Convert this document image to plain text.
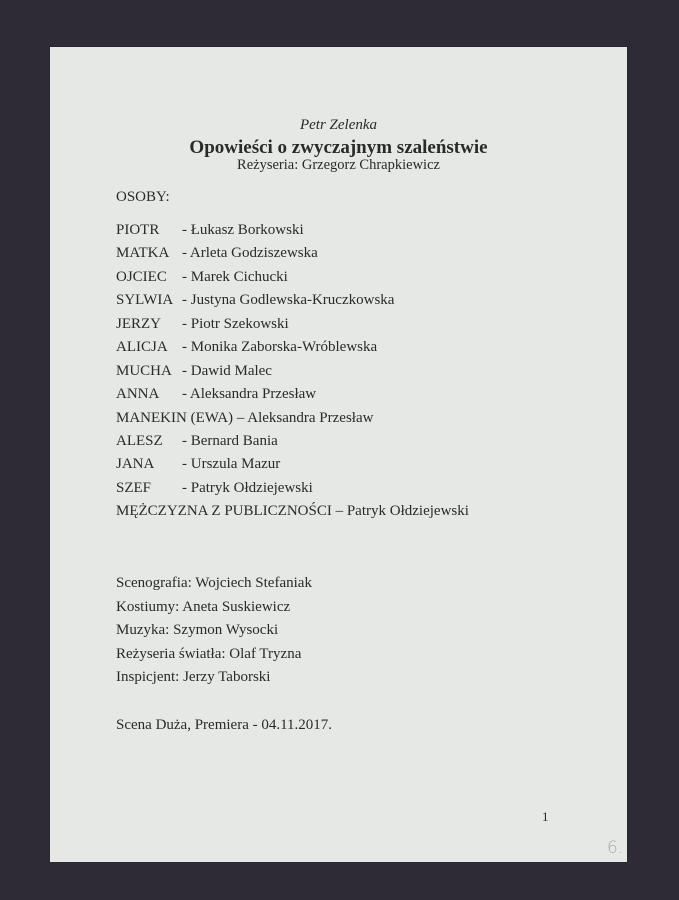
Petr Zelenka
Opowieści o zwyczajnym szaleństwie
Reżyseria: Grzegorz Chrapkiewicz
OSOBY:
PIOTR - Łukasz Borkowski
MATKA - Arleta Godziszewska
OJCIEC - Marek Cichucki
SYLWIA - Justyna Godlewska-Kruczkowska
JERZY - Piotr Szekowski
ALICJA - Monika Zaborska-Wróblewska
MUCHA - Dawid Malec
ANNA - Aleksandra Przesław
MANEKIN (EWA) – Aleksandra Przesław
ALESZ - Bernard Bania
JANA - Urszula Mazur
SZEF - Patryk Ołdziejewski
MĘŻCZYZNA Z PUBLICZNOŚCI – Patryk Ołdziejewski
Scenografia: Wojciech Stefaniak
Kostiumy: Aneta Suskiewicz
Muzyka: Szymon Wysocki
Reżyseria światła: Olaf Tryzna
Inspicjent: Jerzy Taborski
Scena Duża, Premiera - 04.11.2017.
1
6.
